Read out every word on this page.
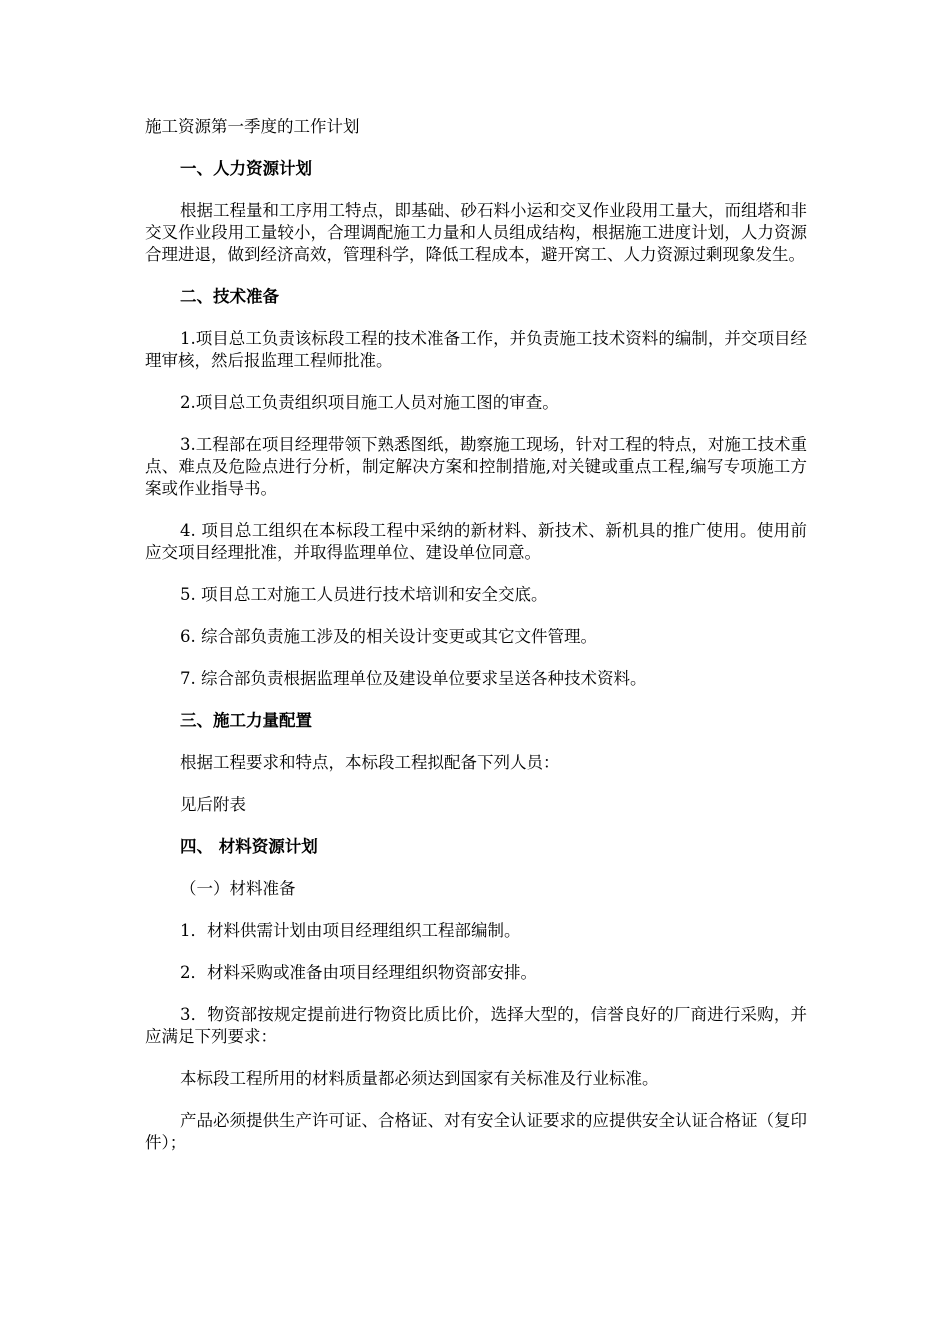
施工资源第一季度的工作计划

一、人力资源计划

根据工程量和工序用工特点，即基础、砂石料小运和交叉作业段用工量大，而组塔和非交叉作业段用工量较小，合理调配施工力量和人员组成结构，根据施工进度计划，人力资源合理进退，做到经济高效，管理科学，降低工程成本，避开窝工、人力资源过剩现象发生。

二、技术准备

1.项目总工负责该标段工程的技术准备工作，并负责施工技术资料的编制，并交项目经理审核，然后报监理工程师批准。

2.项目总工负责组织项目施工人员对施工图的审查。

3.工程部在项目经理带领下熟悉图纸，勘察施工现场，针对工程的特点，对施工技术重点、难点及危险点进行分析，制定解决方案和控制措施,对关键或重点工程,编写专项施工方案或作业指导书。

4. 项目总工组织在本标段工程中采纳的新材料、新技术、新机具的推广使用。使用前应交项目经理批准，并取得监理单位、建设单位同意。

5. 项目总工对施工人员进行技术培训和安全交底。

6. 综合部负责施工涉及的相关设计变更或其它文件管理。

7. 综合部负责根据监理单位及建设单位要求呈送各种技术资料。

三、施工力量配置

根据工程要求和特点，本标段工程拟配备下列人员：

见后附表

四、 材料资源计划

（一）材料准备

1．材料供需计划由项目经理组织工程部编制。

2．材料采购或准备由项目经理组织物资部安排。

3．物资部按规定提前进行物资比质比价，选择大型的，信誉良好的厂商进行采购，并应满足下列要求：

本标段工程所用的材料质量都必须达到国家有关标准及行业标准。

产品必须提供生产许可证、合格证、对有安全认证要求的应提供安全认证合格证（复印件）；
